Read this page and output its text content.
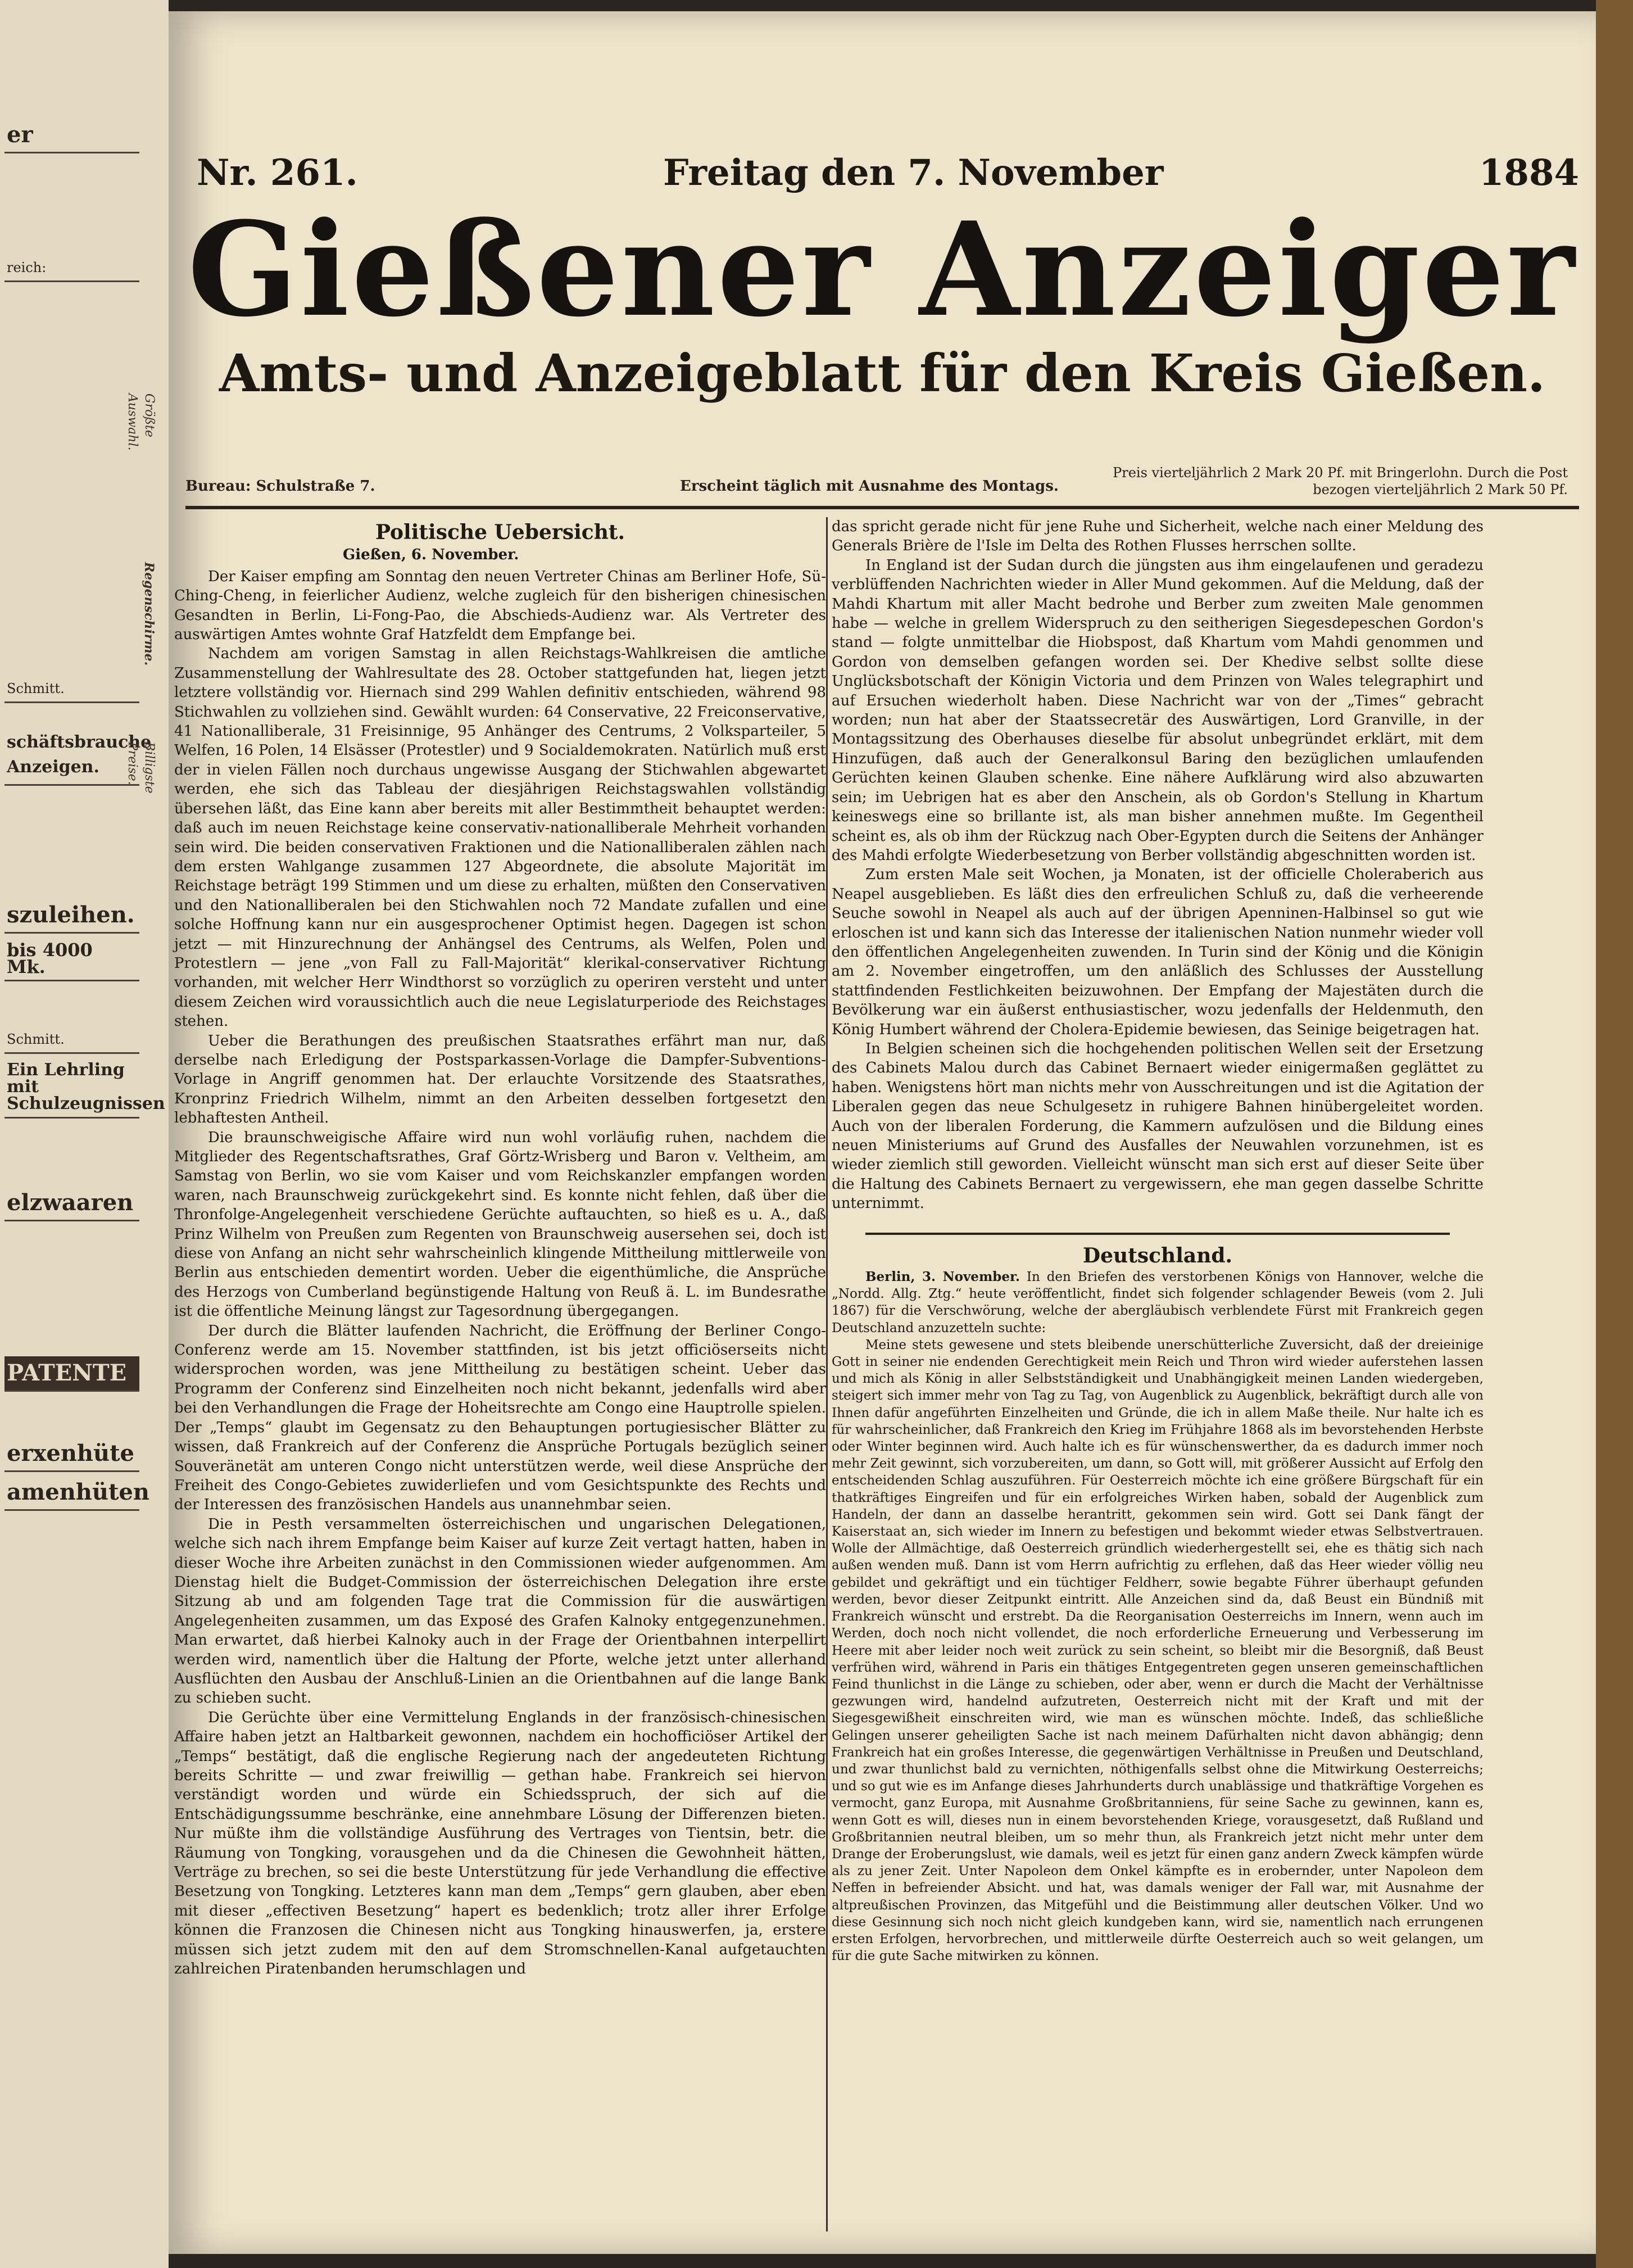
er
reich:
Schmitt.
schäftsbrauche Anzeigen.
szuleihen.
bis 4000 Mk.
Schmitt.
Ein Lehrling mit Schulzeugnissen
elzwaaren
PATENTE
erxenhüte
amenhüten
Größte Auswahl.
Regenschirme.
Billigste Preise.
Nr. 261.	Freitag den 7. November	1884
Gießener Anzeiger
Amts- und Anzeigeblatt für den Kreis Gießen.
Bureau: Schulstraße 7.	Erscheint täglich mit Ausnahme des Montags.
Preis vierteljährlich 2 Mark 20 Pf. mit Bringerlohn. Durch die Post bezogen vierteljährlich 2 Mark 50 Pf.
Politische Uebersicht.
Gießen, 6. November.

Der Kaiser empfing am Sonntag den neuen Vertreter Chinas am Berliner Hofe, Sü-Ching-Cheng, in feierlicher Audienz, welche zugleich für den bisherigen chinesischen Gesandten in Berlin, Li-Fong-Pao, die Abschieds-Audienz war. Als Vertreter des auswärtigen Amtes wohnte Graf Hatzfeldt dem Empfange bei.

Nachdem am vorigen Samstag in allen Reichstags-Wahlkreisen die amtliche Zusammenstellung der Wahlresultate des 28. October stattgefunden hat, liegen jetzt letztere vollständig vor. Hiernach sind 299 Wahlen definitiv entschieden, während 98 Stichwahlen zu vollziehen sind. Gewählt wurden: 64 Conservative, 22 Freiconservative, 41 Nationalliberale, 31 Freisinnige, 95 Anhänger des Centrums, 2 Volksparteiler, 5 Welfen, 16 Polen, 14 Elsässer (Protestler) und 9 Socialdemokraten. Natürlich muß erst der in vielen Fällen noch durchaus ungewisse Ausgang der Stichwahlen abgewartet werden, ehe sich das Tableau der diesjährigen Reichstagswahlen vollständig übersehen läßt, das Eine kann aber bereits mit aller Bestimmtheit behauptet werden: daß auch im neuen Reichstage keine conservativ-nationalliberale Mehrheit vorhanden sein wird. Die beiden conservativen Fraktionen und die Nationalliberalen zählen nach dem ersten Wahlgange zusammen 127 Abgeordnete, die absolute Majorität im Reichstage beträgt 199 Stimmen und um diese zu erhalten, müßten den Conservativen und den Nationalliberalen bei den Stichwahlen noch 72 Mandate zufallen und eine solche Hoffnung kann nur ein ausgesprochener Optimist hegen. Dagegen ist schon jetzt — mit Hinzurechnung der Anhängsel des Centrums, als Welfen, Polen und Protestlern — jene „von Fall zu Fall-Majorität“ klerikal-conservativer Richtung vorhanden, mit welcher Herr Windthorst so vorzüglich zu operiren versteht und unter diesem Zeichen wird voraussichtlich auch die neue Legislaturperiode des Reichstages stehen.

Ueber die Berathungen des preußischen Staatsrathes erfährt man nur, daß derselbe nach Erledigung der Postsparkassen-Vorlage die Dampfer-Subventions-Vorlage in Angriff genommen hat. Der erlauchte Vorsitzende des Staatsrathes, Kronprinz Friedrich Wilhelm, nimmt an den Arbeiten desselben fortgesetzt den lebhaftesten Antheil.

Die braunschweigische Affaire wird nun wohl vorläufig ruhen, nachdem die Mitglieder des Regentschaftsrathes, Graf Görtz-Wrisberg und Baron v. Veltheim, am Samstag von Berlin, wo sie vom Kaiser und vom Reichskanzler empfangen worden waren, nach Braunschweig zurückgekehrt sind. Es konnte nicht fehlen, daß über die Thronfolge-Angelegenheit verschiedene Gerüchte auftauchten, so hieß es u. A., daß Prinz Wilhelm von Preußen zum Regenten von Braunschweig ausersehen sei, doch ist diese von Anfang an nicht sehr wahrscheinlich klingende Mittheilung mittlerweile von Berlin aus entschieden dementirt worden. Ueber die eigenthümliche, die Ansprüche des Herzogs von Cumberland begünstigende Haltung von Reuß ä. L. im Bundesrathe ist die öffentliche Meinung längst zur Tagesordnung übergegangen.

Der durch die Blätter laufenden Nachricht, die Eröffnung der Berliner Congo-Conferenz werde am 15. November stattfinden, ist bis jetzt officiöserseits nicht widersprochen worden, was jene Mittheilung zu bestätigen scheint. Ueber das Programm der Conferenz sind Einzelheiten noch nicht bekannt, jedenfalls wird aber bei den Verhandlungen die Frage der Hoheitsrechte am Congo eine Hauptrolle spielen. Der „Temps“ glaubt im Gegensatz zu den Behauptungen portugiesischer Blätter zu wissen, daß Frankreich auf der Conferenz die Ansprüche Portugals bezüglich seiner Souveränetät am unteren Congo nicht unterstützen werde, weil diese Ansprüche der Freiheit des Congo-Gebietes zuwiderliefen und vom Gesichtspunkte des Rechts und der Interessen des französischen Handels aus unannehmbar seien.

Die in Pesth versammelten österreichischen und ungarischen Delegationen, welche sich nach ihrem Empfange beim Kaiser auf kurze Zeit vertagt hatten, haben in dieser Woche ihre Arbeiten zunächst in den Commissionen wieder aufgenommen. Am Dienstag hielt die Budget-Commission der österreichischen Delegation ihre erste Sitzung ab und am folgenden Tage trat die Commission für die auswärtigen Angelegenheiten zusammen, um das Exposé des Grafen Kalnoky entgegenzunehmen. Man erwartet, daß hierbei Kalnoky auch in der Frage der Orientbahnen interpellirt werden wird, namentlich über die Haltung der Pforte, welche jetzt unter allerhand Ausflüchten den Ausbau der Anschluß-Linien an die Orientbahnen auf die lange Bank zu schieben sucht.

Die Gerüchte über eine Vermittelung Englands in der französisch-chinesischen Affaire haben jetzt an Haltbarkeit gewonnen, nachdem ein hochofficiöser Artikel der „Temps“ bestätigt, daß die englische Regierung nach der angedeuteten Richtung bereits Schritte — und zwar freiwillig — gethan habe. Frankreich sei hiervon verständigt worden und würde ein Schiedsspruch, der sich auf die Entschädigungssumme beschränke, eine annehmbare Lösung der Differenzen bieten. Nur müßte ihm die vollständige Ausführung des Vertrages von Tientsin, betr. die Räumung von Tongking, vorausgehen und da die Chinesen die Gewohnheit hätten, Verträge zu brechen, so sei die beste Unterstützung für jede Verhandlung die effective Besetzung von Tongking. Letzteres kann man dem „Temps“ gern glauben, aber eben mit dieser „effectiven Besetzung“ hapert es bedenklich; trotz aller ihrer Erfolge können die Franzosen die Chinesen nicht aus Tongking hinauswerfen, ja, erstere müssen sich jetzt zudem mit den auf dem Stromschnellen-Kanal aufgetauchten zahlreichen Piratenbanden herumschlagen und

das spricht gerade nicht für jene Ruhe und Sicherheit, welche nach einer Meldung des Generals Brière de l'Isle im Delta des Rothen Flusses herrschen sollte.

In England ist der Sudan durch die jüngsten aus ihm eingelaufenen und geradezu verblüffenden Nachrichten wieder in Aller Mund gekommen. Auf die Meldung, daß der Mahdi Khartum mit aller Macht bedrohe und Berber zum zweiten Male genommen habe — welche in grellem Widerspruch zu den seitherigen Siegesdepeschen Gordon's stand — folgte unmittelbar die Hiobspost, daß Khartum vom Mahdi genommen und Gordon von demselben gefangen worden sei. Der Khedive selbst sollte diese Unglücksbotschaft der Königin Victoria und dem Prinzen von Wales telegraphirt und auf Ersuchen wiederholt haben. Diese Nachricht war von der „Times“ gebracht worden; nun hat aber der Staatssecretär des Auswärtigen, Lord Granville, in der Montagssitzung des Oberhauses dieselbe für absolut unbegründet erklärt, mit dem Hinzufügen, daß auch der Generalkonsul Baring den bezüglichen umlaufenden Gerüchten keinen Glauben schenke. Eine nähere Aufklärung wird also abzuwarten sein; im Uebrigen hat es aber den Anschein, als ob Gordon's Stellung in Khartum keineswegs eine so brillante ist, als man bisher annehmen mußte. Im Gegentheil scheint es, als ob ihm der Rückzug nach Ober-Egypten durch die Seitens der Anhänger des Mahdi erfolgte Wiederbesetzung von Berber vollständig abgeschnitten worden ist.

Zum ersten Male seit Wochen, ja Monaten, ist der officielle Choleraberich aus Neapel ausgeblieben. Es läßt dies den erfreulichen Schluß zu, daß die verheerende Seuche sowohl in Neapel als auch auf der übrigen Apenninen-Halbinsel so gut wie erloschen ist und kann sich das Interesse der italienischen Nation nunmehr wieder voll den öffentlichen Angelegenheiten zuwenden. In Turin sind der König und die Königin am 2. November eingetroffen, um den anläßlich des Schlusses der Ausstellung stattfindenden Festlichkeiten beizuwohnen. Der Empfang der Majestäten durch die Bevölkerung war ein äußerst enthusiastischer, wozu jedenfalls der Heldenmuth, den König Humbert während der Cholera-Epidemie bewiesen, das Seinige beigetragen hat.

In Belgien scheinen sich die hochgehenden politischen Wellen seit der Ersetzung des Cabinets Malou durch das Cabinet Bernaert wieder einigermaßen geglättet zu haben. Wenigstens hört man nichts mehr von Ausschreitungen und ist die Agitation der Liberalen gegen das neue Schulgesetz in ruhigere Bahnen hinübergeleitet worden. Auch von der liberalen Forderung, die Kammern aufzulösen und die Bildung eines neuen Ministeriums auf Grund des Ausfalles der Neuwahlen vorzunehmen, ist es wieder ziemlich still geworden. Vielleicht wünscht man sich erst auf dieser Seite über die Haltung des Cabinets Bernaert zu vergewissern, ehe man gegen dasselbe Schritte unternimmt.

Deutschland.
Berlin, 3. November. In den Briefen des verstorbenen Königs von Hannover, welche die „Nordd. Allg. Ztg.“ heute veröffentlicht, findet sich folgender schlagender Beweis (vom 2. Juli 1867) für die Verschwörung, welche der abergläubisch verblendete Fürst mit Frankreich gegen Deutschland anzuzetteln suchte:

Meine stets gewesene und stets bleibende unerschütterliche Zuversicht, daß der dreieinige Gott in seiner nie endenden Gerechtigkeit mein Reich und Thron wird wieder auferstehen lassen und mich als König in aller Selbstständigkeit und Unabhängigkeit meinen Landen wiedergeben, steigert sich immer mehr von Tag zu Tag, von Augenblick zu Augenblick, bekräftigt durch alle von Ihnen dafür angeführten Einzelheiten und Gründe, die ich in allem Maße theile. Nur halte ich es für wahrscheinlicher, daß Frankreich den Krieg im Frühjahre 1868 als im bevorstehenden Herbste oder Winter beginnen wird. Auch halte ich es für wünschenswerther, da es dadurch immer noch mehr Zeit gewinnt, sich vorzubereiten, um dann, so Gott will, mit größerer Aussicht auf Erfolg den entscheidenden Schlag auszuführen. Für Oesterreich möchte ich eine größere Bürgschaft für ein thatkräftiges Eingreifen und für ein erfolgreiches Wirken haben, sobald der Augenblick zum Handeln, der dann an dasselbe herantritt, gekommen sein wird. Gott sei Dank fängt der Kaiserstaat an, sich wieder im Innern zu befestigen und bekommt wieder etwas Selbstvertrauen. Wolle der Allmächtige, daß Oesterreich gründlich wiederhergestellt sei, ehe es thätig sich nach außen wenden muß. Dann ist vom Herrn aufrichtig zu erflehen, daß das Heer wieder völlig neu gebildet und gekräftigt und ein tüchtiger Feldherr, sowie begabte Führer überhaupt gefunden werden, bevor dieser Zeitpunkt eintritt. Alle Anzeichen sind da, daß Beust ein Bündniß mit Frankreich wünscht und erstrebt. Da die Reorganisation Oesterreichs im Innern, wenn auch im Werden, doch noch nicht vollendet, die noch erforderliche Erneuerung und Verbesserung im Heere mit aber leider noch weit zurück zu sein scheint, so bleibt mir die Besorgniß, daß Beust verfrühen wird, während in Paris ein thätiges Entgegentreten gegen unseren gemeinschaftlichen Feind thunlichst in die Länge zu schieben, oder aber, wenn er durch die Macht der Verhältnisse gezwungen wird, handelnd aufzutreten, Oesterreich nicht mit der Kraft und mit der Siegesgewißheit einschreiten wird, wie man es wünschen möchte. Indeß, das schließliche Gelingen unserer geheiligten Sache ist nach meinem Dafürhalten nicht davon abhängig; denn Frankreich hat ein großes Interesse, die gegenwärtigen Verhältnisse in Preußen und Deutschland, und zwar thunlichst bald zu vernichten, nöthigenfalls selbst ohne die Mitwirkung Oesterreichs; und so gut wie es im Anfange dieses Jahrhunderts durch unablässige und thatkräftige Vorgehen es vermocht, ganz Europa, mit Ausnahme Großbritanniens, für seine Sache zu gewinnen, kann es, wenn Gott es will, dieses nun in einem bevorstehenden Kriege, vorausgesetzt, daß Rußland und Großbritannien neutral bleiben, um so mehr thun, als Frankreich jetzt nicht mehr unter dem Drange der Eroberungslust, wie damals, weil es jetzt für einen ganz andern Zweck kämpfen würde als zu jener Zeit. Unter Napoleon dem Onkel kämpfte es in erobernder, unter Napoleon dem Neffen in befreiender Absicht. und hat, was damals weniger der Fall war, mit Ausnahme der altpreußischen Provinzen, das Mitgefühl und die Beistimmung aller deutschen Völker. Und wo diese Gesinnung sich noch nicht gleich kundgeben kann, wird sie, namentlich nach errungenen ersten Erfolgen, hervorbrechen, und mittlerweile dürfte Oesterreich auch so weit gelangen, um für die gute Sache mitwirken zu können.
